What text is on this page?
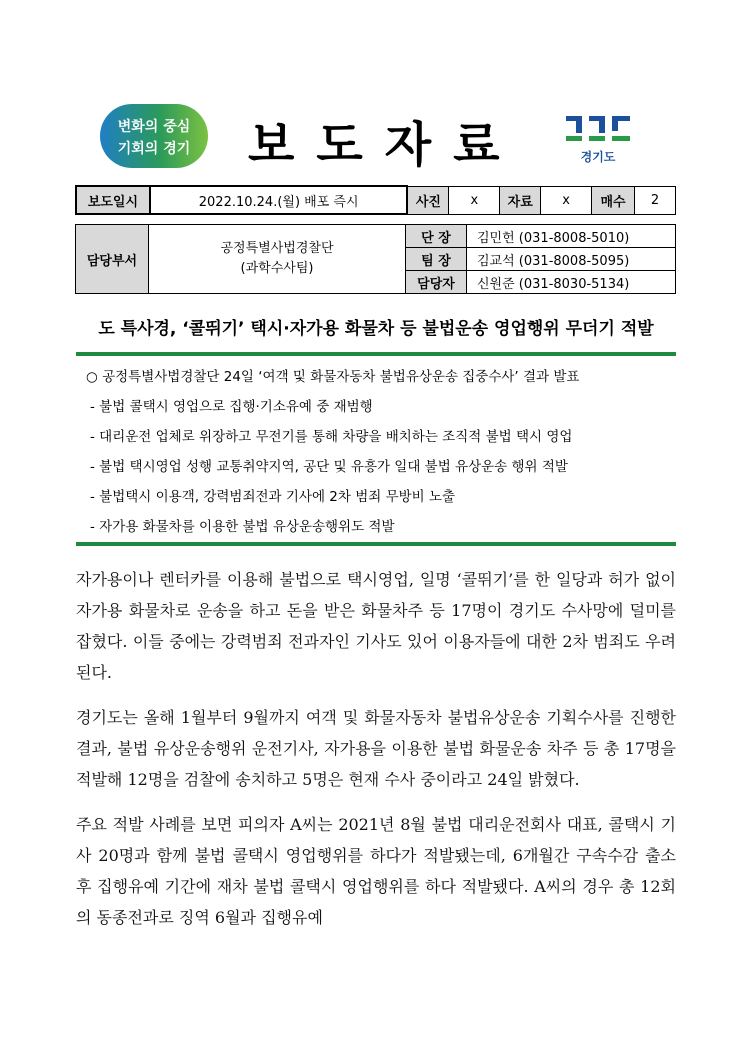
변화의 중심
기회의 경기	보도자료	경기도
보도일시	2022.10.24.(월) 배포 즉시	사진	x	자료	x	매수	2
담당부서	공정특별사법경찰단
(과학수사팀)	단 장	김민헌 (031-8008-5010)
		팀 장	김교석 (031-8008-5095)
		담당자	신원준 (031-8030-5134)
도 특사경, ‘콜뛰기’ 택시·자가용 화물차 등 불법운송 영업행위 무더기 적발
○ 공정특별사법경찰단 24일 ‘여객 및 화물자동차 불법유상운송 집중수사’ 결과 발표
- 불법 콜택시 영업으로 집행·기소유예 중 재범행
- 대리운전 업체로 위장하고 무전기를 통해 차량을 배치하는 조직적 불법 택시 영업
- 불법 택시영업 성행 교통취약지역, 공단 및 유흥가 일대 불법 유상운송 행위 적발
- 불법택시 이용객, 강력범죄전과 기사에 2차 범죄 무방비 노출
- 자가용 화물차를 이용한 불법 유상운송행위도 적발

자가용이나 렌터카를 이용해 불법으로 택시영업, 일명 ‘콜뛰기’를 한 일당과 허가 없이 자가용 화물차로 운송을 하고 돈을 받은 화물차주 등 17명이 경기도 수사망에 덜미를 잡혔다. 이들 중에는 강력범죄 전과자인 기사도 있어 이용자들에 대한 2차 범죄도 우려된다.

경기도는 올해 1월부터 9월까지 여객 및 화물자동차 불법유상운송 기획수사를 진행한 결과, 불법 유상운송행위 운전기사, 자가용을 이용한 불법 화물운송 차주 등 총 17명을 적발해 12명을 검찰에 송치하고 5명은 현재 수사 중이라고 24일 밝혔다.

주요 적발 사례를 보면 피의자 A씨는 2021년 8월 불법 대리운전회사 대표, 콜택시 기사 20명과 함께 불법 콜택시 영업행위를 하다가 적발됐는데, 6개월간 구속수감 출소 후 집행유예 기간에 재차 불법 콜택시 영업행위를 하다 적발됐다. A씨의 경우 총 12회의 동종전과로 징역 6월과 집행유예
